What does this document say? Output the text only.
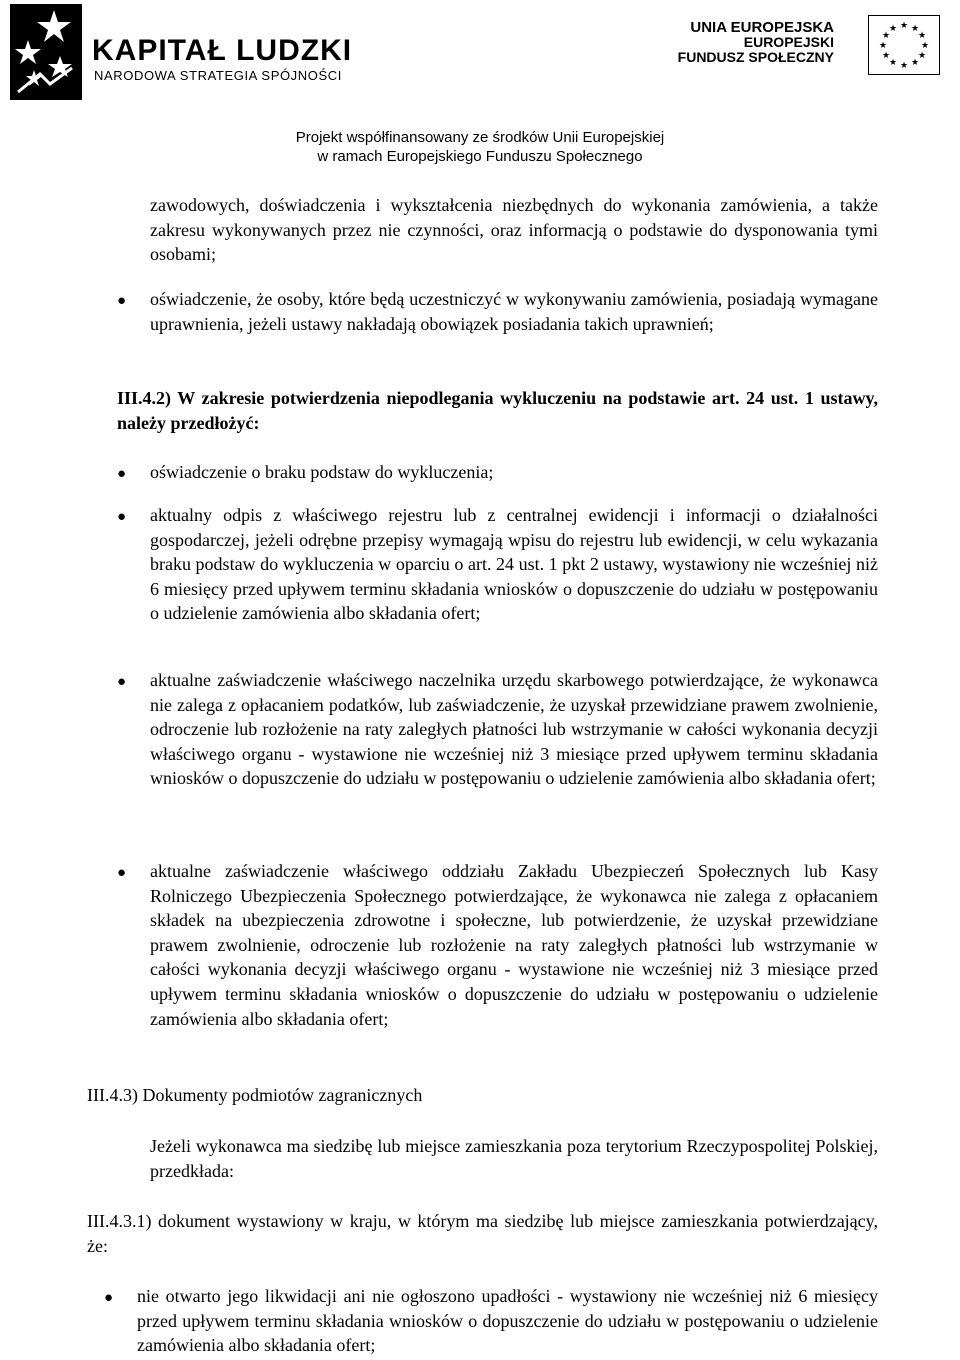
KAPITAŁ LUDZKI
NARODOWA STRATEGIA SPÓJNOŚCI
UNIA EUROPEJSKA
EUROPEJSKI
FUNDUSZ SPOŁECZNY
★ ★
★
★
★
★
★
★
★
★
★
★
Projekt współfinansowany ze środków Unii Europejskiej
w ramach Europejskiego Funduszu Społecznego
zawodowych, doświadczenia i wykształcenia niezbędnych do wykonania zamówienia, a także zakresu wykonywanych przez nie czynności, oraz informacją o podstawie do dysponowania tymi osobami;
● oświadczenie, że osoby, które będą uczestniczyć w wykonywaniu zamówienia, posiadają wymagane uprawnienia, jeżeli ustawy nakładają obowiązek posiadania takich uprawnień;
III.4.2) W zakresie potwierdzenia niepodlegania wykluczeniu na podstawie art. 24 ust. 1 ustawy, należy przedłożyć:
● oświadczenie o braku podstaw do wykluczenia;
● aktualny odpis z właściwego rejestru lub z centralnej ewidencji i informacji o działalności gospodarczej, jeżeli odrębne przepisy wymagają wpisu do rejestru lub ewidencji, w celu wykazania braku podstaw do wykluczenia w oparciu o art. 24 ust. 1 pkt 2 ustawy, wystawiony nie wcześniej niż 6 miesięcy przed upływem terminu składania wniosków o dopuszczenie do udziału w postępowaniu o udzielenie zamówienia albo składania ofert;
● aktualne zaświadczenie właściwego naczelnika urzędu skarbowego potwierdzające, że wykonawca nie zalega z opłacaniem podatków, lub zaświadczenie, że uzyskał przewidziane prawem zwolnienie, odroczenie lub rozłożenie na raty zaległych płatności lub wstrzymanie w całości wykonania decyzji właściwego organu - wystawione nie wcześniej niż 3 miesiące przed upływem terminu składania wniosków o dopuszczenie do udziału w postępowaniu o udzielenie zamówienia albo składania ofert;
● aktualne zaświadczenie właściwego oddziału Zakładu Ubezpieczeń Społecznych lub Kasy Rolniczego Ubezpieczenia Społecznego potwierdzające, że wykonawca nie zalega z opłacaniem składek na ubezpieczenia zdrowotne i społeczne, lub potwierdzenie, że uzyskał przewidziane prawem zwolnienie, odroczenie lub rozłożenie na raty zaległych płatności lub wstrzymanie w całości wykonania decyzji właściwego organu - wystawione nie wcześniej niż 3 miesiące przed upływem terminu składania wniosków o dopuszczenie do udziału w postępowaniu o udzielenie zamówienia albo składania ofert;
III.4.3) Dokumenty podmiotów zagranicznych
Jeżeli wykonawca ma siedzibę lub miejsce zamieszkania poza terytorium Rzeczypospolitej Polskiej, przedkłada:
III.4.3.1) dokument wystawiony w kraju, w którym ma siedzibę lub miejsce zamieszkania potwierdzający, że:
● nie otwarto jego likwidacji ani nie ogłoszono upadłości - wystawiony nie wcześniej niż 6 miesięcy przed upływem terminu składania wniosków o dopuszczenie do udziału w postępowaniu o udzielenie zamówienia albo składania ofert;
